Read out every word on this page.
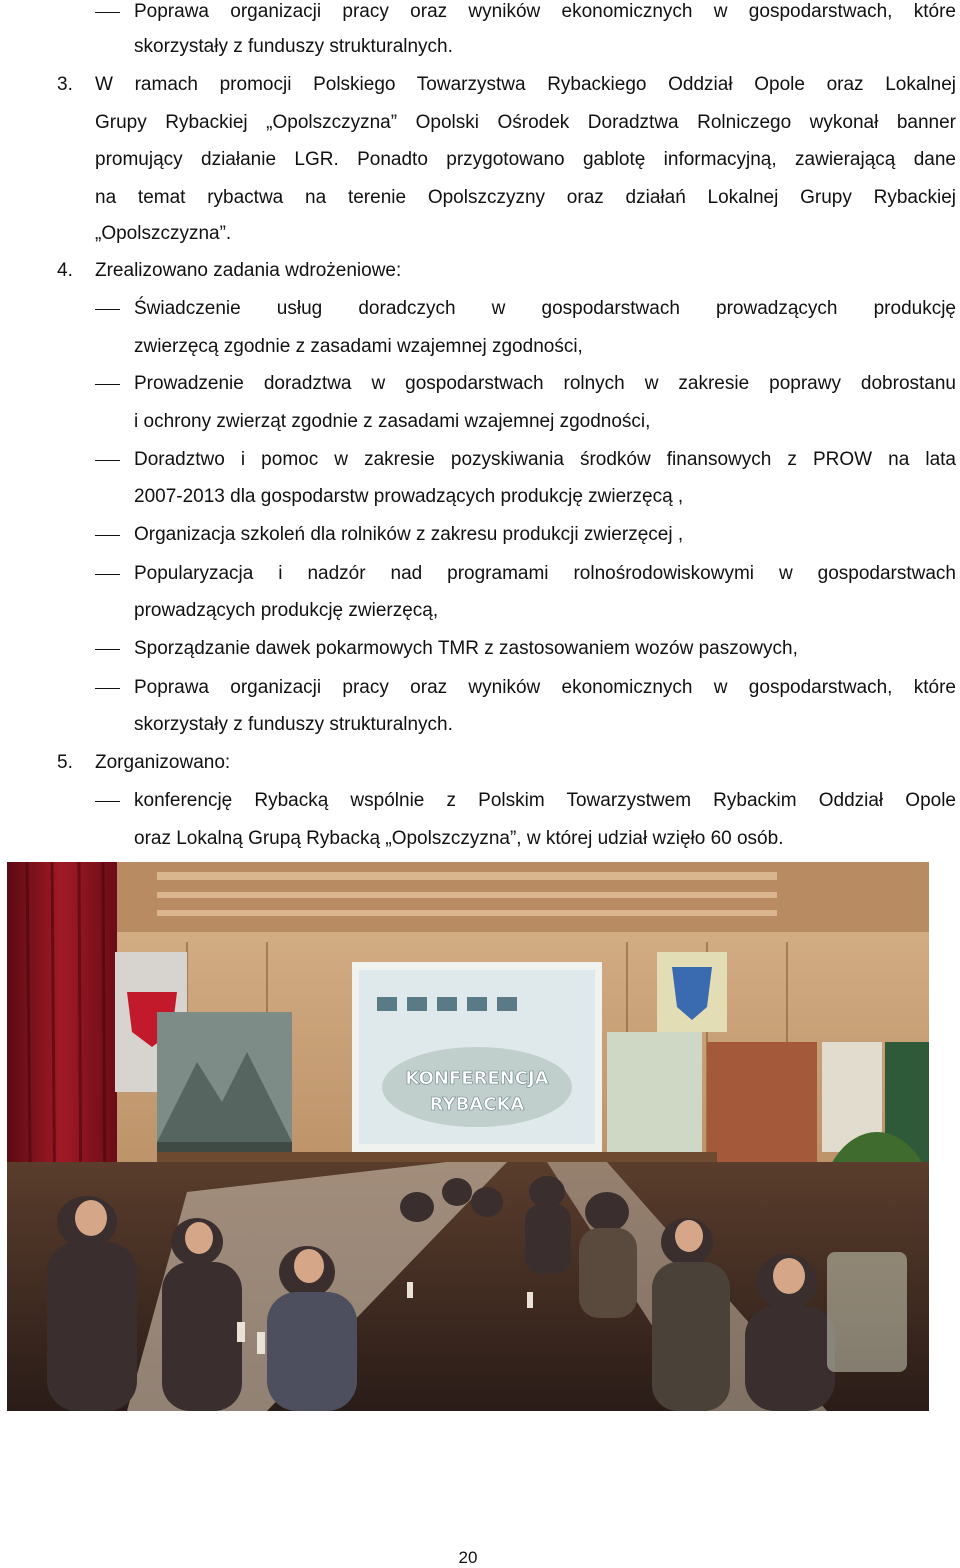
Poprawa organizacji pracy oraz wyników ekonomicznych w gospodarstwach, które
skorzystały z funduszy strukturalnych.
3. W ramach promocji Polskiego Towarzystwa Rybackiego Oddział Opole oraz Lokalnej
Grupy Rybackiej „Opolszczyzna” Opolski Ośrodek Doradztwa Rolniczego wykonał banner
promujący działanie LGR. Ponadto przygotowano gablotę informacyjną, zawierającą dane
na temat rybactwa na terenie Opolszczyzny oraz działań Lokalnej Grupy Rybackiej
„Opolszczyzna”.
4. Zrealizowano zadania wdrożeniowe:
Świadczenie usług doradczych w gospodarstwach prowadzących produkcję
zwierzęcą zgodnie z zasadami wzajemnej zgodności,
Prowadzenie doradztwa w gospodarstwach rolnych w zakresie poprawy dobrostanu
i ochrony zwierząt zgodnie z zasadami wzajemnej zgodności,
Doradztwo i pomoc w zakresie pozyskiwania środków finansowych z PROW na lata
2007-2013 dla gospodarstw prowadzących produkcję zwierzęcą ,
Organizacja szkoleń dla rolników z zakresu produkcji zwierzęcej ,
Popularyzacja i nadzór nad programami rolnośrodowiskowymi w gospodarstwach
prowadzących produkcję zwierzęcą,
Sporządzanie dawek pokarmowych TMR z zastosowaniem wozów paszowych,
Poprawa organizacji pracy oraz wyników ekonomicznych w gospodarstwach, które
skorzystały z funduszy strukturalnych.
5. Zorganizowano:
konferencję Rybacką wspólnie z Polskim Towarzystwem Rybackim Oddział Opole
oraz Lokalną Grupą Rybacką „Opolszczyzna”, w której udział wzięło 60 osób.
KONFERENCJA
RYBACKA
20
